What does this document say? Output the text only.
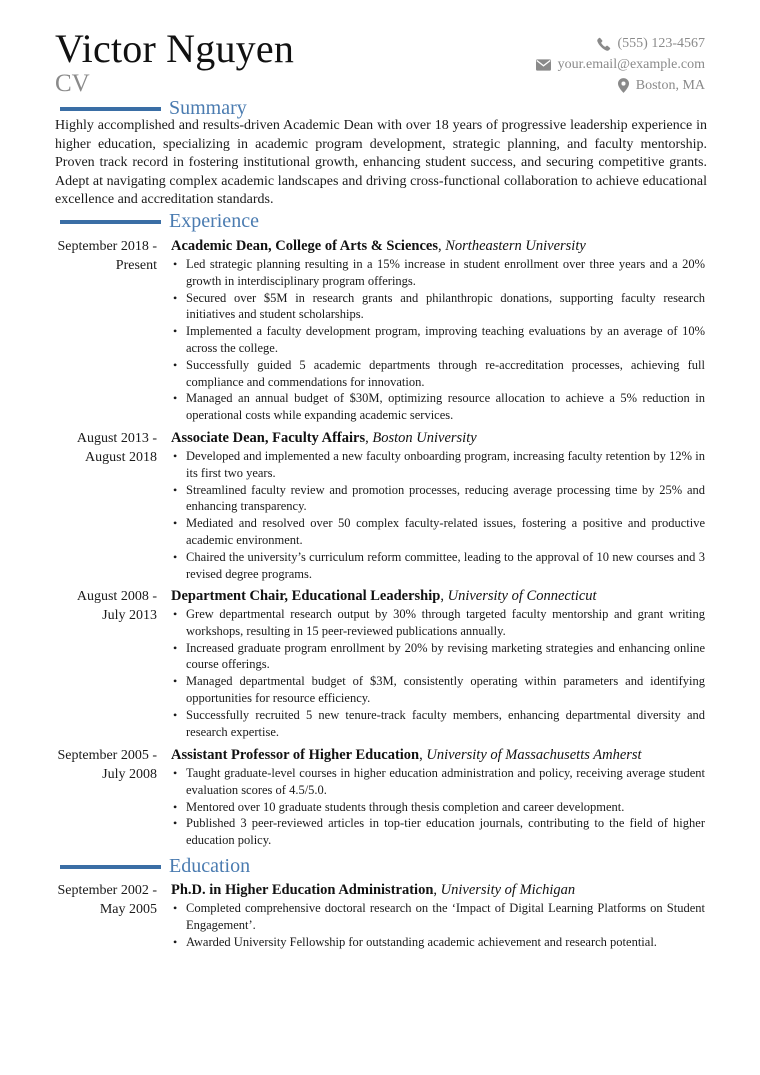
Victor Nguyen
CV
(555) 123-4567
your.email@example.com
Boston, MA
Summary

Highly accomplished and results-driven Academic Dean with over 18 years of progressive leadership experience in higher education, specializing in academic program development, strategic planning, and faculty mentorship. Proven track record in fostering institutional growth, enhancing student success, and securing competitive grants. Adept at navigating complex academic landscapes and driving cross-functional collaboration to achieve educational excellence and accreditation standards.

Experience
September 2018 - Present
Academic Dean, College of Arts & Sciences, Northeastern University
• Led strategic planning resulting in a 15% increase in student enrollment over three years and a 20% growth in interdisciplinary program offerings.
• Secured over $5M in research grants and philanthropic donations, supporting faculty research initiatives and student scholarships.
• Implemented a faculty development program, improving teaching evaluations by an average of 10% across the college.
• Successfully guided 5 academic departments through re-accreditation processes, achieving full compliance and commendations for innovation.
• Managed an annual budget of $30M, optimizing resource allocation to achieve a 5% reduction in operational costs while expanding academic services.
August 2013 - August 2018
Associate Dean, Faculty Affairs, Boston University
• Developed and implemented a new faculty onboarding program, increasing faculty retention by 12% in its first two years.
• Streamlined faculty review and promotion processes, reducing average processing time by 25% and enhancing transparency.
• Mediated and resolved over 50 complex faculty-related issues, fostering a positive and productive academic environment.
• Chaired the university’s curriculum reform committee, leading to the approval of 10 new courses and 3 revised degree programs.
August 2008 - July 2013
Department Chair, Educational Leadership, University of Connecticut
• Grew departmental research output by 30% through targeted faculty mentorship and grant writing workshops, resulting in 15 peer-reviewed publications annually.
• Increased graduate program enrollment by 20% by revising marketing strategies and enhancing online course offerings.
• Managed departmental budget of $3M, consistently operating within parameters and identifying opportunities for resource efficiency.
• Successfully recruited 5 new tenure-track faculty members, enhancing departmental diversity and research expertise.
September 2005 - July 2008
Assistant Professor of Higher Education, University of Massachusetts Amherst
• Taught graduate-level courses in higher education administration and policy, receiving average student evaluation scores of 4.5/5.0.
• Mentored over 10 graduate students through thesis completion and career development.
• Published 3 peer-reviewed articles in top-tier education journals, contributing to the field of higher education policy.
Education
September 2002 - May 2005
Ph.D. in Higher Education Administration, University of Michigan
• Completed comprehensive doctoral research on the ‘Impact of Digital Learning Platforms on Student Engagement’.
• Awarded University Fellowship for outstanding academic achievement and research potential.
